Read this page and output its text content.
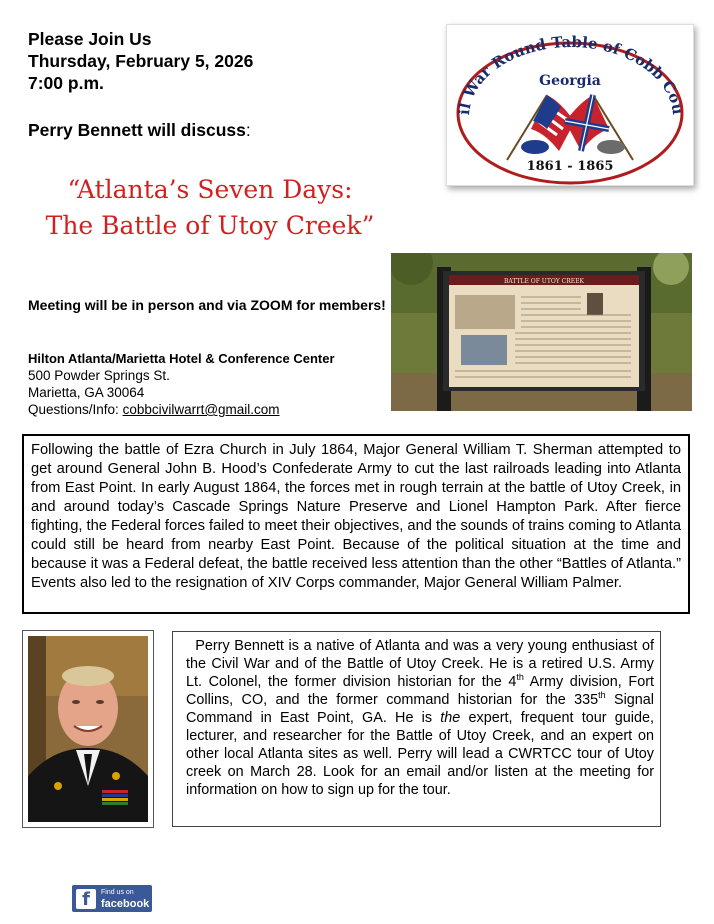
Please Join Us
Thursday, February 5, 2026
7:00 p.m.
Perry Bennett will discuss:
“Atlanta’s Seven Days:
The Battle of Utoy Creek”
il War Round Table of Cobb Cou
Georgia
1861 - 1865
BATTLE OF UTOY CREEK
Meeting will be in person and via ZOOM for members!
Hilton Atlanta/Marietta Hotel & Conference Center
500 Powder Springs St.
Marietta, GA 30064
Questions/Info: cobbcivilwarrt@gmail.com

Following the battle of Ezra Church in July 1864, Major General William T. Sherman attempted to get around General John B. Hood’s Confederate Army to cut the last railroads leading into Atlanta from East Point. In early August 1864, the forces met in rough terrain at the battle of Utoy Creek, in and around today’s Cascade Springs Nature Preserve and Lionel Hampton Park. After fierce fighting, the Federal forces failed to meet their objectives, and the sounds of trains coming to Atlanta could still be heard from nearby East Point. Because of the political situation at the time and because it was a Federal defeat, the battle received less attention than the other “Battles of Atlanta.” Events also led to the resignation of XIV Corps commander, Major General William Palmer.

Perry Bennett is a native of Atlanta and was a very young enthusiast of the Civil War and of the Battle of Utoy Creek. He is a retired U.S. Army Lt. Colonel, the former division historian for the 4th Army division, Fort Collins, CO, and the former command historian for the 335th Signal Command in East Point, GA. He is the expert, frequent tour guide, lecturer, and researcher for the Battle of Utoy Creek, and an expert on other local Atlanta sites as well. Perry will lead a CWRTCC tour of Utoy creek on March 28. Look for an email and/or listen at the meeting for information on how to sign up for the tour.

f	Find us on
facebook
